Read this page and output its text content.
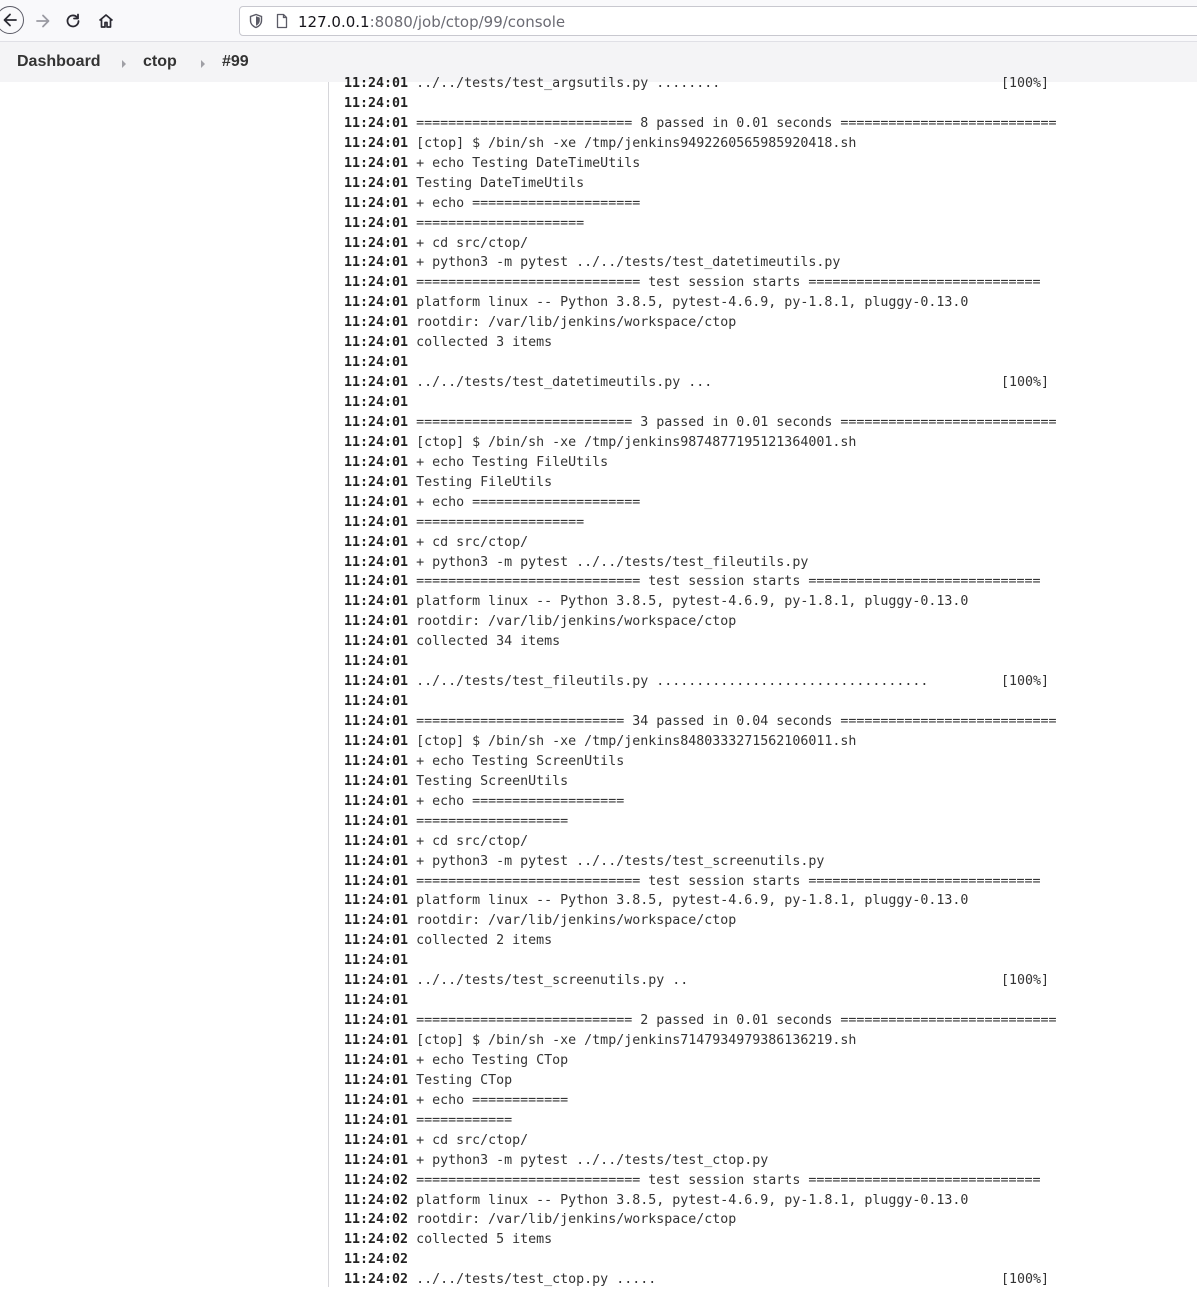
127.0.0.1:8080/job/ctop/99/console
Dashboard	ctop	#99
11:24:01 ../../tests/test_argsutils.py ........	[100%]
11:24:01
11:24:01 =========================== 8 passed in 0.01 seconds ===========================
11:24:01 [ctop] $ /bin/sh -xe /tmp/jenkins9492260565985920418.sh
11:24:01 + echo Testing DateTimeUtils
11:24:01 Testing DateTimeUtils
11:24:01 + echo =====================
11:24:01 =====================
11:24:01 + cd src/ctop/
11:24:01 + python3 -m pytest ../../tests/test_datetimeutils.py
11:24:01 ============================ test session starts =============================
11:24:01 platform linux -- Python 3.8.5, pytest-4.6.9, py-1.8.1, pluggy-0.13.0
11:24:01 rootdir: /var/lib/jenkins/workspace/ctop
11:24:01 collected 3 items
11:24:01
11:24:01 ../../tests/test_datetimeutils.py ...	[100%]
11:24:01
11:24:01 =========================== 3 passed in 0.01 seconds ===========================
11:24:01 [ctop] $ /bin/sh -xe /tmp/jenkins9874877195121364001.sh
11:24:01 + echo Testing FileUtils
11:24:01 Testing FileUtils
11:24:01 + echo =====================
11:24:01 =====================
11:24:01 + cd src/ctop/
11:24:01 + python3 -m pytest ../../tests/test_fileutils.py
11:24:01 ============================ test session starts =============================
11:24:01 platform linux -- Python 3.8.5, pytest-4.6.9, py-1.8.1, pluggy-0.13.0
11:24:01 rootdir: /var/lib/jenkins/workspace/ctop
11:24:01 collected 34 items
11:24:01
11:24:01 ../../tests/test_fileutils.py ..................................	[100%]
11:24:01
11:24:01 ========================== 34 passed in 0.04 seconds ===========================
11:24:01 [ctop] $ /bin/sh -xe /tmp/jenkins8480333271562106011.sh
11:24:01 + echo Testing ScreenUtils
11:24:01 Testing ScreenUtils
11:24:01 + echo ===================
11:24:01 ===================
11:24:01 + cd src/ctop/
11:24:01 + python3 -m pytest ../../tests/test_screenutils.py
11:24:01 ============================ test session starts =============================
11:24:01 platform linux -- Python 3.8.5, pytest-4.6.9, py-1.8.1, pluggy-0.13.0
11:24:01 rootdir: /var/lib/jenkins/workspace/ctop
11:24:01 collected 2 items
11:24:01
11:24:01 ../../tests/test_screenutils.py ..	[100%]
11:24:01
11:24:01 =========================== 2 passed in 0.01 seconds ===========================
11:24:01 [ctop] $ /bin/sh -xe /tmp/jenkins7147934979386136219.sh
11:24:01 + echo Testing CTop
11:24:01 Testing CTop
11:24:01 + echo ============
11:24:01 ============
11:24:01 + cd src/ctop/
11:24:01 + python3 -m pytest ../../tests/test_ctop.py
11:24:02 ============================ test session starts =============================
11:24:02 platform linux -- Python 3.8.5, pytest-4.6.9, py-1.8.1, pluggy-0.13.0
11:24:02 rootdir: /var/lib/jenkins/workspace/ctop
11:24:02 collected 5 items
11:24:02
11:24:02 ../../tests/test_ctop.py .....	[100%]
